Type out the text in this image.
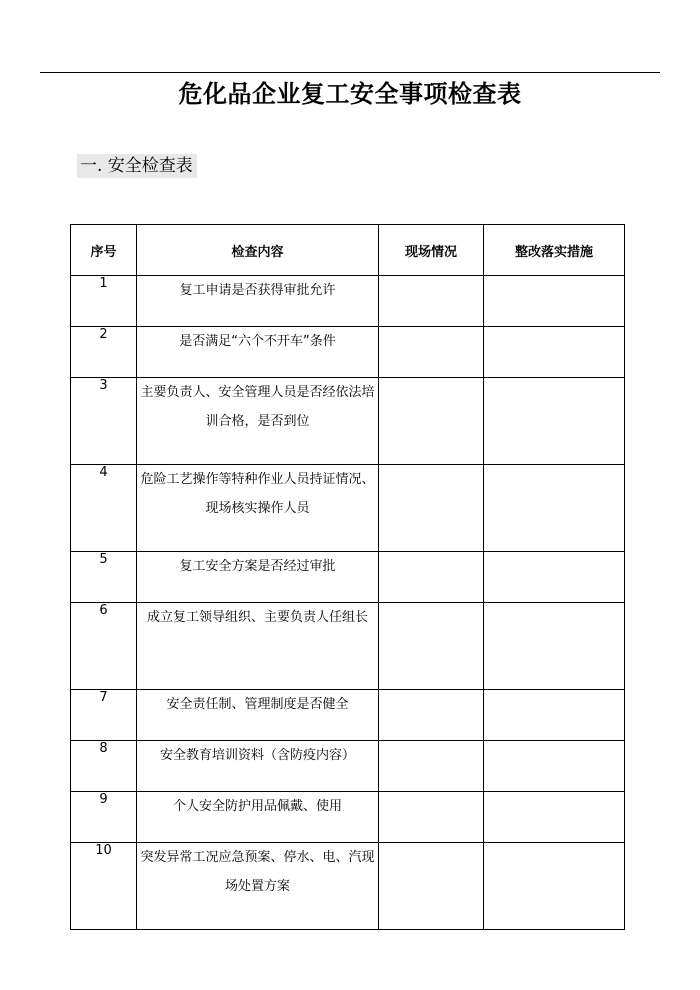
危化品企业复工安全事项检查表
一. 安全检查表
序号	检查内容	现场情况	整改落实措施
1	复工申请是否获得审批允许		
2	是否满足“六个不开车”条件		
3	主要负责人、安全管理人员是否经依法培训合格，是否到位		
4	危险工艺操作等特种作业人员持证情况、现场核实操作人员		
5	复工安全方案是否经过审批		
6	成立复工领导组织、主要负责人任组长		
7	安全责任制、管理制度是否健全		
8	安全教育培训资料（含防疫内容）		
9	个人安全防护用品佩戴、使用		
10	突发异常工况应急预案、停水、电、汽现场处置方案		
